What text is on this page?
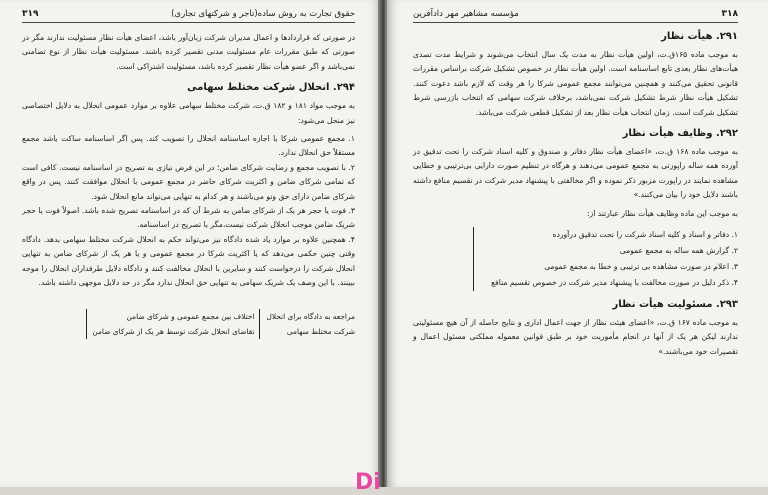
حقوق تجارت به روش ساده(تاجر و شرکتهای تجاری)
۳۱۹

در صورتی که قراردادها و اعمال مدیران شرکت زیان‌آور باشد، اعضای هیأت نظار مسئولیت ندارند مگر در صورتی که طبق مقررات عام مسئولیت مدنی تقصیر کرده باشند. مسئولیت هیأت نظار از نوع تضامنی نمی‌باشد و اگر عضو هیأت نظار تقصیر کرده باشد، مسئولیت اشتراکی است.

۲۹۴. انحلال شرکت مختلط سهامی

به موجب مواد ۱۸۱ و ۱۸۲ ق.ت، شرکت مختلط سهامی علاوه بر موارد عمومی انحلال به دلایل اختصاصی نیز منحل می‌شود:

۱. مجمع عمومی شرکا با اجازه اساسنامه انحلال را تصویب کند. پس اگر اساسنامه ساکت باشد مجمع مستقلاً حق انحلال ندارد.

۲. با تصویب مجمع و رضایت شرکای ضامن؛ در این فرض نیازی به تصریح در اساسنامه نیست. کافی است که تمامی شرکای ضامن و اکثریت شرکای حاضر در مجمع عمومی با انحلال موافقت کنند. پس در واقع شرکای ضامن دارای حق وتو می‌باشند و هر کدام به تنهایی می‌تواند مانع انحلال شود.

۳. فوت یا حجر هر یک از شرکای ضامن به شرط آن که در اساسنامه تصریح شده باشد. اصولاً فوت یا حجر شریک ضامن موجب انحلال شرکت نیست،مگر با تصریح در اساسنامه.

۴. همچنین علاوه بر موارد یاد شده دادگاه نیز می‌تواند حکم به انحلال شرکت مختلط سهامی بدهد. دادگاه وقتی چنین حکمی می‌دهد که یا اکثریت شرکا در مجمع عمومی و یا هر یک از شرکای ضامن به تنهایی انحلال شرکت را درخواست کنند و سایرین با انحلال مخالفت کنند و دادگاه دلایل طرفداران انحلال را موجه ببینند. با این وصف یک شریک سهامی به تنهایی حق انحلال ندارد مگر در حد دلایل موجهی داشته باشد.

مراجعه به دادگاه برای انحلال
شرکت مختلط سهامی
اختلاف بین مجمع عمومی و شرکای ضامن
تقاضای انحلال شرکت توسط هر یک از شرکای ضامن
۳۱۸
مؤسسه مشاهیر مهر دادآفرین
۲۹۱. هیأت نظار

به موجب ماده ۱۶۵ق.ت، اولین هیأت نظار به مدت یک سال انتخاب می‌شوند و شرایط مدت تصدی هیأت‌های نظار بعدی تابع اساسنامه است. اولین هیأت نظار در خصوص تشکیل شرکت براساس مقررات قانونی تحقیق می‌کنند و همچنین می‌توانند مجمع عمومی شرکا را هر وقت که لازم باشد دعوت کنند. تشکیل هیأت نظار شرط تشکیل شرکت نمی‌باشد، برخلاف شرکت سهامی که انتخاب بازرسی شرط تشکیل شرکت است. زمان انتخاب هیأت نظار بعد از تشکیل قطعی شرکت می‌باشد.

۲۹۲. وظایف هیأت نظار

به موجب ماده ۱۶۸ ق.ت، «اعضای هیأت نظار دفاتر و صندوق و کلیه اسناد شرکت را تحت تدقیق در آورده همه ساله راپورتی به مجمع عمومی می‌دهند و هرگاه در تنظیم صورت دارایی بی‌ترتیبی و خطایی مشاهده نمایند در راپورت مزبور ذکر نموده و اگر مخالفتی با پیشنهاد مدیر شرکت در تقسیم منافع داشته باشند دلایل خود را بیان می‌کنند.»

به موجب این ماده وظایف هیأت نظار عبارتند از:

۱. دفاتر و اسناد و کلیه اسناد شرکت را تحت تدقیق درآورده

۲. گزارش همه ساله به مجمع عمومی

۳. اعلام در صورت مشاهده بی ترتیبی و خطا به مجمع عمومی

۴. ذکر دلیل در صورت مخالفت با پیشنهاد مدیر شرکت در خصوص تقسیم منافع

۲۹۳. مسئولیت هیأت نظار

به موجب ماده ۱۶۷ ق.ت، «اعضای هیئت نظار از جهت اعمال اداری و نتایج حاصله از آن هیچ مسئولیتی ندارند لیکن هر یک از آنها در انجام مأموریت خود بر طبق قوانین معموله مملکتی مسئول اعمال و تقصیرات خود می‌باشند.»

Di
